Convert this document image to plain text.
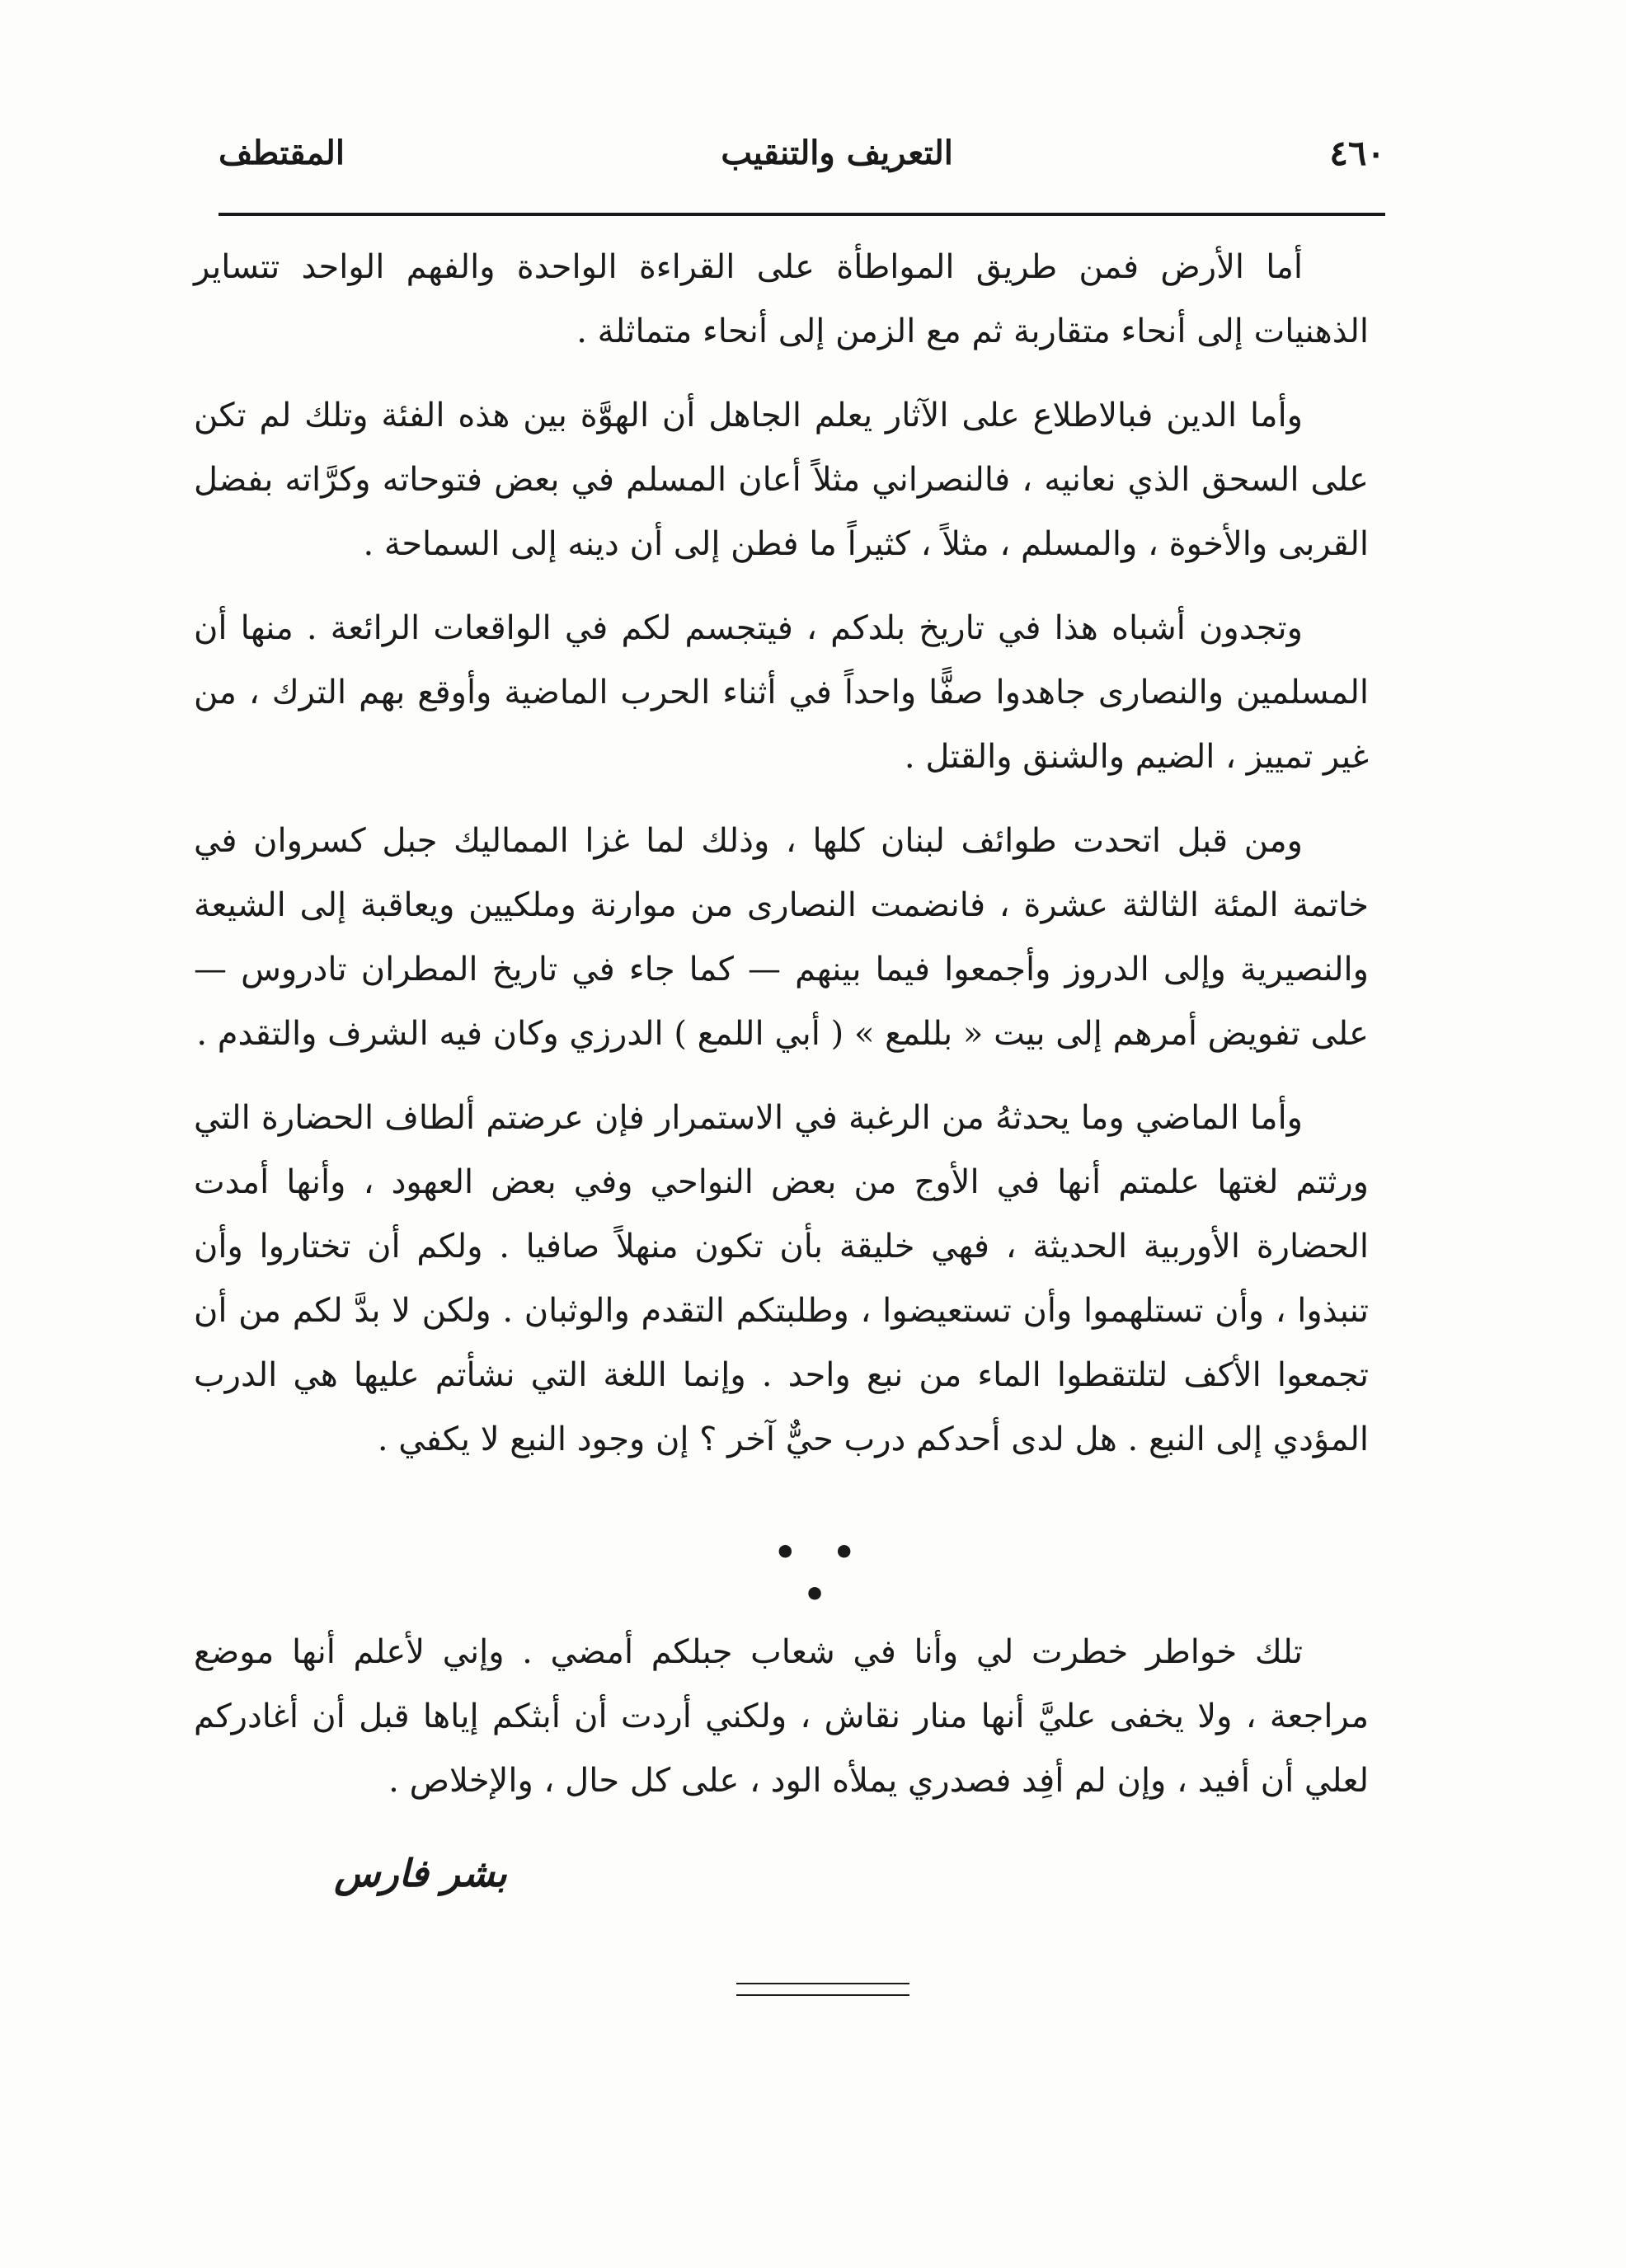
٤٦٠
التعريف والتنقيب
المقتطف

أما الأرض فمن طريق المواطأة على القراءة الواحدة والفهم الواحد تتساير الذهنيات إلى أنحاء متقاربة ثم مع الزمن إلى أنحاء متماثلة .

وأما الدين فبالاطلاع على الآثار يعلم الجاهل أن الهوَّة بين هذه الفئة وتلك لم تكن على السحق الذي نعانيه ، فالنصراني مثلاً أعان المسلم في بعض فتوحاته وكرَّاته بفضل القربى والأخوة ، والمسلم ، مثلاً ، كثيراً ما فطن إلى أن دينه إلى السماحة .

وتجدون أشباه هذا في تاريخ بلدكم ، فيتجسم لكم في الواقعات الرائعة . منها أن المسلمين والنصارى جاهدوا صفًّا واحداً في أثناء الحرب الماضية وأوقع بهم الترك ، من غير تمييز ، الضيم والشنق والقتل .

ومن قبل اتحدت طوائف لبنان كلها ، وذلك لما غزا المماليك جبل كسروان في خاتمة المئة الثالثة عشرة ، فانضمت النصارى من موارنة وملكيين ويعاقبة إلى الشيعة والنصيرية وإلى الدروز وأجمعوا فيما بينهم — كما جاء في تاريخ المطران تادروس — على تفويض أمرهم إلى بيت « بللمع » ( أبي اللمع ) الدرزي وكان فيه الشرف والتقدم .

وأما الماضي وما يحدثهُ من الرغبة في الاستمرار فإن عرضتم ألطاف الحضارة التي ورثتم لغتها علمتم أنها في الأوج من بعض النواحي وفي بعض العهود ، وأنها أمدت الحضارة الأوربية الحديثة ، فهي خليقة بأن تكون منهلاً صافيا . ولكم أن تختاروا وأن تنبذوا ، وأن تستلهموا وأن تستعيضوا ، وطلبتكم التقدم والوثبان . ولكن لا بدَّ لكم من أن تجمعوا الأكف لتلتقطوا الماء من نبع واحد . وإنما اللغة التي نشأتم عليها هي الدرب المؤدي إلى النبع . هل لدى أحدكم درب حيٌّ آخر ؟ إن وجود النبع لا يكفي .

• • •

تلك خواطر خطرت لي وأنا في شعاب جبلكم أمضي . وإني لأعلم أنها موضع مراجعة ، ولا يخفى عليَّ أنها منار نقاش ، ولكني أردت أن أبثكم إياها قبل أن أغادركم لعلي أن أفيد ، وإن لم أفِد فصدري يملأه الود ، على كل حال ، والإخلاص .

بشر فارس
